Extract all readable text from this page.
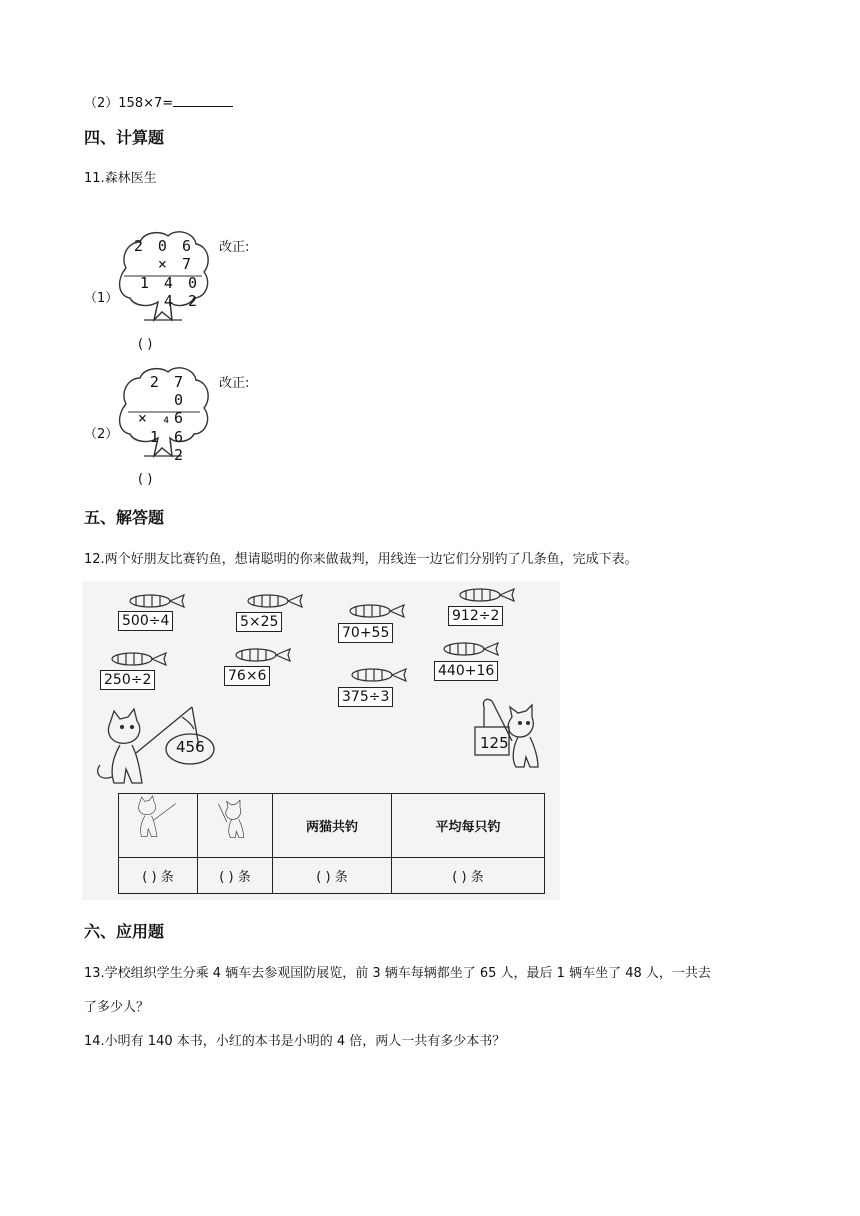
（2）158×7=
四、计算题
11.森林医生
（1）
2 0 6
× 7
1 4 0 4 2
改正:
( )
（2）
2 7 0
× ₄6
1 6 2
改正:
( )
五、解答题
12.两个好朋友比赛钓鱼，想请聪明的你来做裁判，用线连一边它们分别钓了几条鱼，完成下表。
500÷4	5×25
70+55
912÷2
250÷2	76×6
375÷3
440+16
456	125
		两猫共钓	平均每只钓
( ) 条	( ) 条	( ) 条	( ) 条
六、应用题
13.学校组织学生分乘 4 辆车去参观国防展览，前 3 辆车每辆都坐了 65 人，最后 1 辆车坐了 48 人，一共去
了多少人？
14.小明有 140 本书，小红的本书是小明的 4 倍，两人一共有多少本书？
